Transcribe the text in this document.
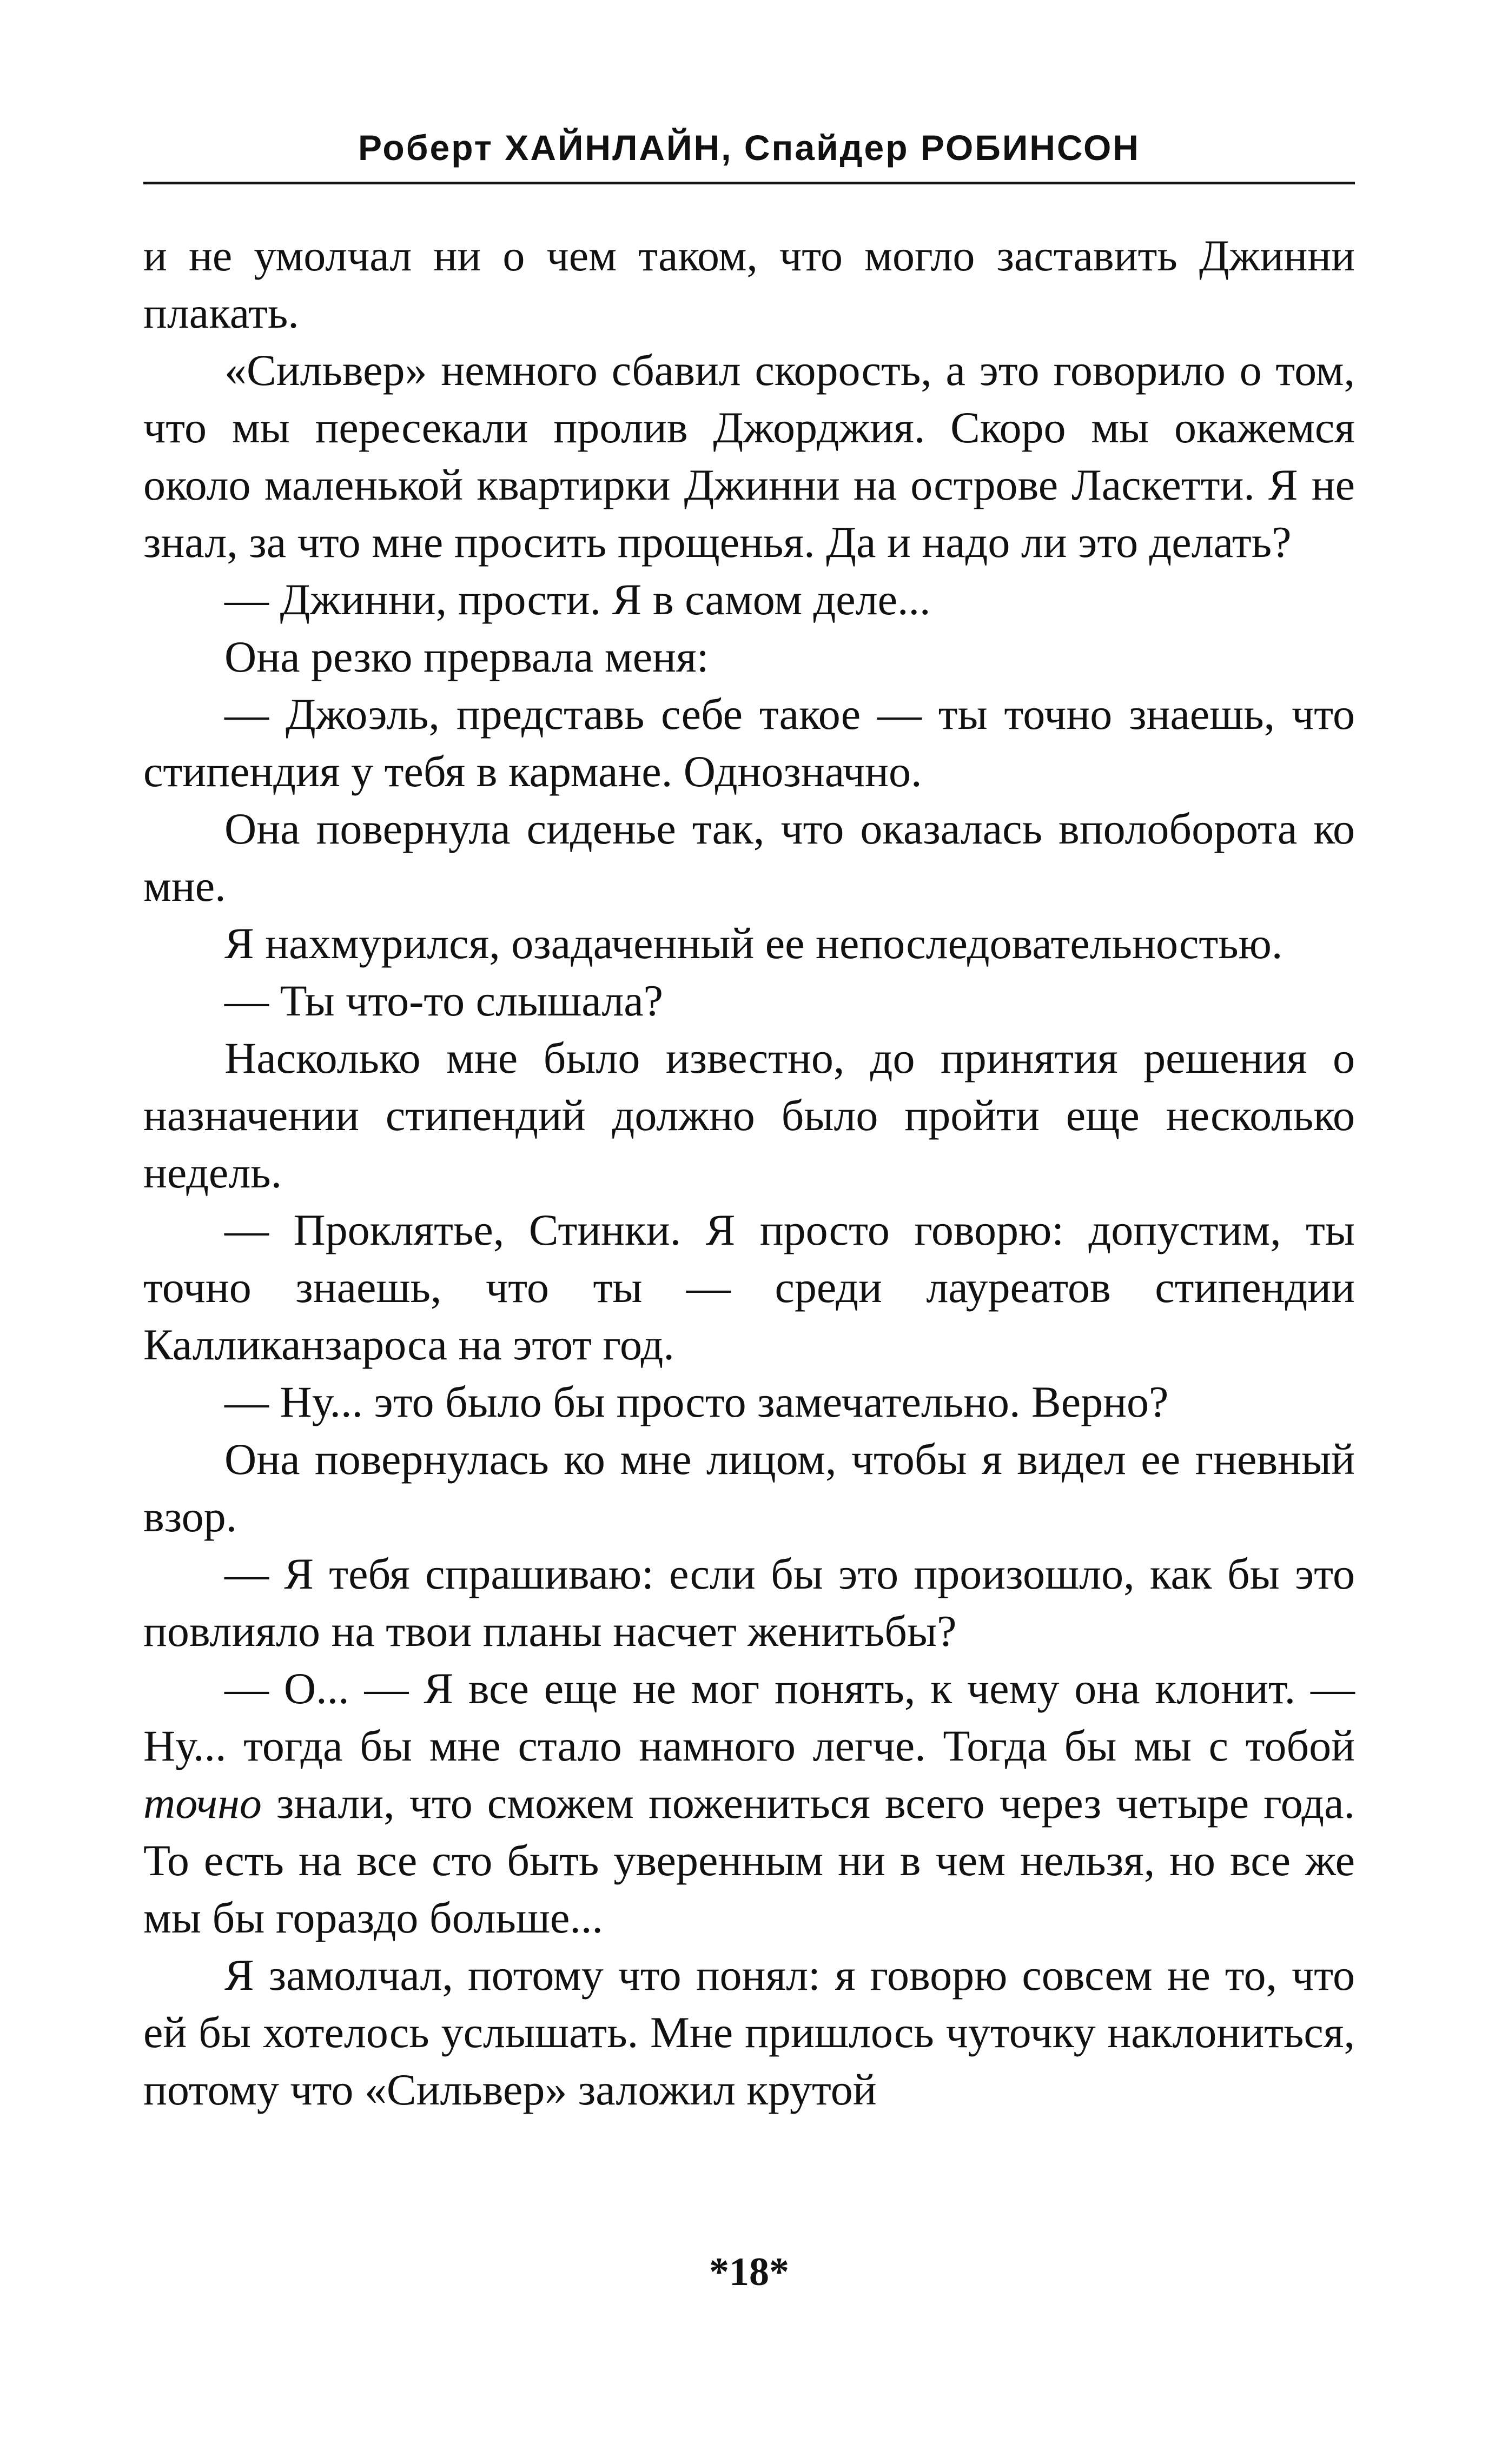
Роберт ХАЙНЛАЙН, Спайдер РОБИНСОН

и не умолчал ни о чем таком, что могло заставить Джинни плакать.

«Сильвер» немного сбавил скорость, а это говорило о том, что мы пересекали пролив Джорджия. Скоро мы окажемся около маленькой квартирки Джинни на острове Ласкетти. Я не знал, за что мне просить прощенья. Да и надо ли это делать?

— Джинни, прости. Я в самом деле...

Она резко прервала меня:

— Джоэль, представь себе такое — ты точно знаешь, что стипендия у тебя в кармане. Однозначно.

Она повернула сиденье так, что оказалась вполоборота ко мне.

Я нахмурился, озадаченный ее непоследовательностью.

— Ты что-то слышала?

Насколько мне было известно, до принятия решения о назначении стипендий должно было пройти еще несколько недель.

— Проклятье, Стинки. Я просто говорю: допустим, ты точно знаешь, что ты — среди лауреатов стипендии Калликанзароса на этот год.

— Ну... это было бы просто замечательно. Верно?

Она повернулась ко мне лицом, чтобы я видел ее гневный взор.

— Я тебя спрашиваю: если бы это произошло, как бы это повлияло на твои планы насчет женитьбы?

— О... — Я все еще не мог понять, к чему она клонит. — Ну... тогда бы мне стало намного легче. Тогда бы мы с тобой точно знали, что сможем пожениться всего через четыре года. То есть на все сто быть уверенным ни в чем нельзя, но все же мы бы гораздо больше...

Я замолчал, потому что понял: я говорю совсем не то, что ей бы хотелось услышать. Мне пришлось чуточку наклониться, потому что «Сильвер» заложил крутой

*18*
